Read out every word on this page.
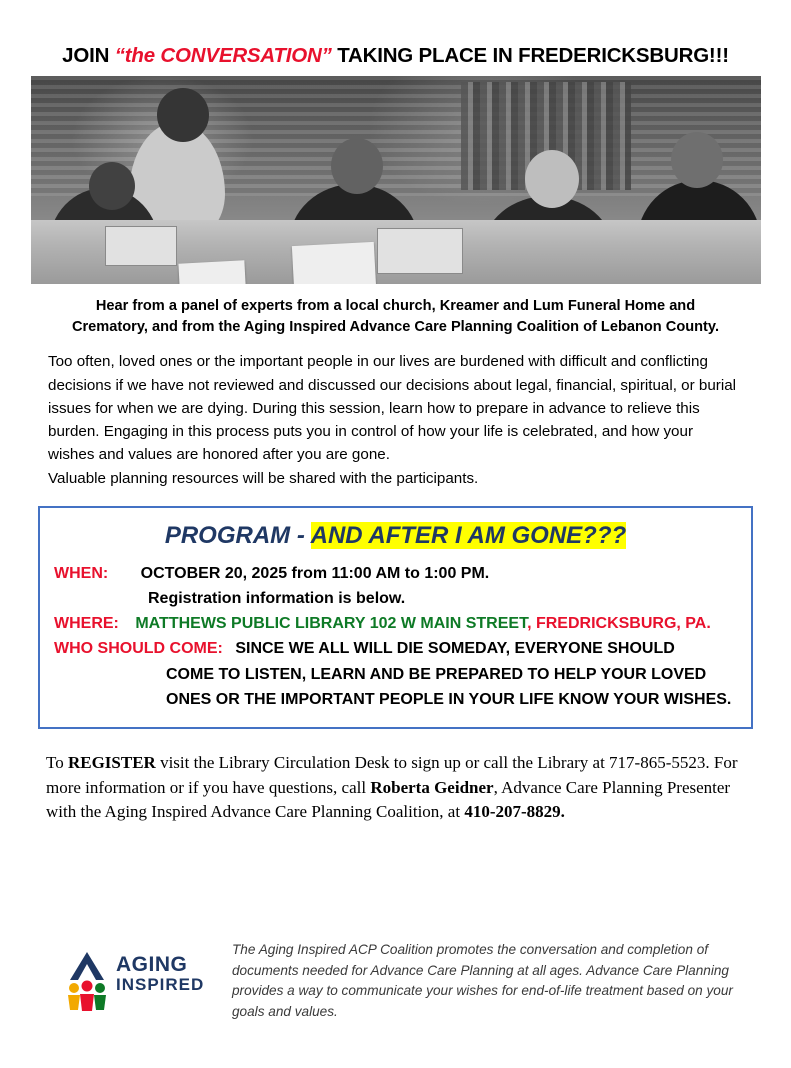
JOIN “the CONVERSATION” TAKING PLACE IN FREDERICKSBURG!!!
Hear from a panel of experts from a local church, Kreamer and Lum Funeral Home and Crematory, and from the Aging Inspired Advance Care Planning Coalition of Lebanon County.
Too often, loved ones or the important people in our lives are burdened with difficult and conflicting decisions if we have not reviewed and discussed our decisions about legal, financial, spiritual, or burial issues for when we are dying. During this session, learn how to prepare in advance to relieve this burden. Engaging in this process puts you in control of how your life is celebrated, and how your wishes and values are honored after you are gone.
Valuable planning resources will be shared with the participants.
PROGRAM - AND AFTER I AM GONE???
WHEN: OCTOBER 20, 2025 from 11:00 AM to 1:00 PM.
Registration information is below.
WHERE: MATTHEWS PUBLIC LIBRARY 102 W MAIN STREET, FREDRICKSBURG, PA.
WHO SHOULD COME: SINCE WE ALL WILL DIE SOMEDAY, EVERYONE SHOULD
COME TO LISTEN, LEARN AND BE PREPARED TO HELP YOUR LOVED
ONES OR THE IMPORTANT PEOPLE IN YOUR LIFE KNOW YOUR WISHES.
To REGISTER visit the Library Circulation Desk to sign up or call the Library at 717-865-5523. For more information or if you have questions, call Roberta Geidner, Advance Care Planning Presenter with the Aging Inspired Advance Care Planning Coalition, at 410-207-8829.
AGING
INSPIRED
The Aging Inspired ACP Coalition promotes the conversation and completion of documents needed for Advance Care Planning at all ages. Advance Care Planning provides a way to communicate your wishes for end-of-life treatment based on your goals and values.
